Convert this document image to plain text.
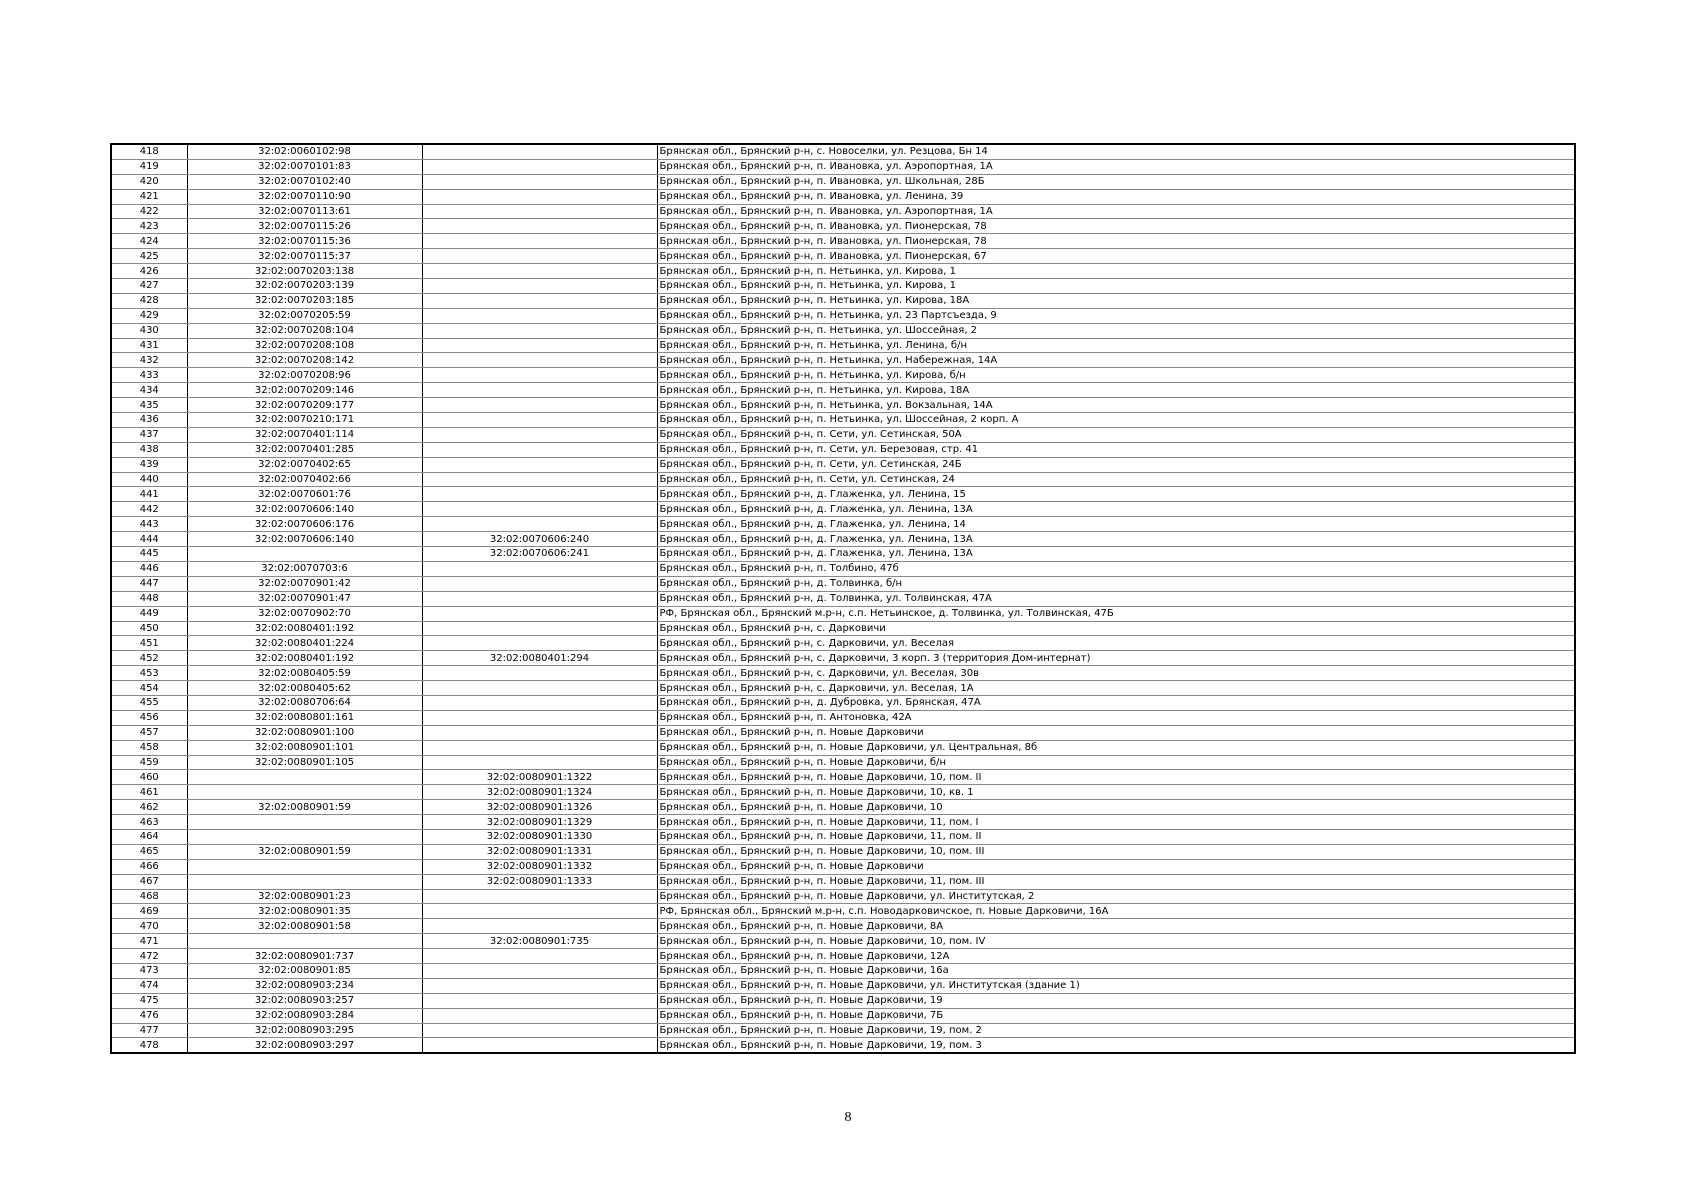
418	32:02:0060102:98		Брянская обл., Брянский р-н, с. Новоселки, ул. Резцова, Бн 14
419	32:02:0070101:83		Брянская обл., Брянский р-н, п. Ивановка, ул. Аэропортная, 1А
420	32:02:0070102:40		Брянская обл., Брянский р-н, п. Ивановка, ул. Школьная, 28Б
421	32:02:0070110:90		Брянская обл., Брянский р-н, п. Ивановка, ул. Ленина, 39
422	32:02:0070113:61		Брянская обл., Брянский р-н, п. Ивановка, ул. Аэропортная, 1А
423	32:02:0070115:26		Брянская обл., Брянский р-н, п. Ивановка, ул. Пионерская, 78
424	32:02:0070115:36		Брянская обл., Брянский р-н, п. Ивановка, ул. Пионерская, 78
425	32:02:0070115:37		Брянская обл., Брянский р-н, п. Ивановка, ул. Пионерская, 67
426	32:02:0070203:138		Брянская обл., Брянский р-н, п. Нетьинка, ул. Кирова, 1
427	32:02:0070203:139		Брянская обл., Брянский р-н, п. Нетьинка, ул. Кирова, 1
428	32:02:0070203:185		Брянская обл., Брянский р-н, п. Нетьинка, ул. Кирова, 18А
429	32:02:0070205:59		Брянская обл., Брянский р-н, п. Нетьинка, ул. 23 Партсъезда, 9
430	32:02:0070208:104		Брянская обл., Брянский р-н, п. Нетьинка, ул. Шоссейная, 2
431	32:02:0070208:108		Брянская обл., Брянский р-н, п. Нетьинка, ул. Ленина, б/н
432	32:02:0070208:142		Брянская обл., Брянский р-н, п. Нетьинка, ул. Набережная, 14А
433	32:02:0070208:96		Брянская обл., Брянский р-н, п. Нетьинка, ул. Кирова, б/н
434	32:02:0070209:146		Брянская обл., Брянский р-н, п. Нетьинка, ул. Кирова, 18А
435	32:02:0070209:177		Брянская обл., Брянский р-н, п. Нетьинка, ул. Вокзальная, 14А
436	32:02:0070210:171		Брянская обл., Брянский р-н, п. Нетьинка, ул. Шоссейная, 2 корп. А
437	32:02:0070401:114		Брянская обл., Брянский р-н, п. Сети, ул. Сетинская, 50А
438	32:02:0070401:285		Брянская обл., Брянский р-н, п. Сети, ул. Березовая, стр. 41
439	32:02:0070402:65		Брянская обл., Брянский р-н, п. Сети, ул. Сетинская, 24Б
440	32:02:0070402:66		Брянская обл., Брянский р-н, п. Сети, ул. Сетинская, 24
441	32:02:0070601:76		Брянская обл., Брянский р-н, д. Глаженка, ул. Ленина, 15
442	32:02:0070606:140		Брянская обл., Брянский р-н, д. Глаженка, ул. Ленина, 13А
443	32:02:0070606:176		Брянская обл., Брянский р-н, д. Глаженка, ул. Ленина, 14
444	32:02:0070606:140	32:02:0070606:240	Брянская обл., Брянский р-н, д. Глаженка, ул. Ленина, 13А
445		32:02:0070606:241	Брянская обл., Брянский р-н, д. Глаженка, ул. Ленина, 13А
446	32:02:0070703:6		Брянская обл., Брянский р-н, п. Толбино, 47б
447	32:02:0070901:42		Брянская обл., Брянский р-н, д. Толвинка, б/н
448	32:02:0070901:47		Брянская обл., Брянский р-н, д. Толвинка, ул. Толвинская, 47А
449	32:02:0070902:70		РФ, Брянская обл., Брянский м.р-н, с.п. Нетьинское, д. Толвинка, ул. Толвинская, 47Б
450	32:02:0080401:192		Брянская обл., Брянский р-н, с. Дарковичи
451	32:02:0080401:224		Брянская обл., Брянский р-н, с. Дарковичи, ул. Веселая
452	32:02:0080401:192	32:02:0080401:294	Брянская обл., Брянский р-н, с. Дарковичи, 3 корп. 3 (территория Дом-интернат)
453	32:02:0080405:59		Брянская обл., Брянский р-н, с. Дарковичи, ул. Веселая, 30в
454	32:02:0080405:62		Брянская обл., Брянский р-н, с. Дарковичи, ул. Веселая, 1А
455	32:02:0080706:64		Брянская обл., Брянский р-н, д. Дубровка, ул. Брянская, 47А
456	32:02:0080801:161		Брянская обл., Брянский р-н, п. Антоновка, 42А
457	32:02:0080901:100		Брянская обл., Брянский р-н, п. Новые Дарковичи
458	32:02:0080901:101		Брянская обл., Брянский р-н, п. Новые Дарковичи, ул. Центральная, 8б
459	32:02:0080901:105		Брянская обл., Брянский р-н, п. Новые Дарковичи, б/н
460		32:02:0080901:1322	Брянская обл., Брянский р-н, п. Новые Дарковичи, 10, пом. II
461		32:02:0080901:1324	Брянская обл., Брянский р-н, п. Новые Дарковичи, 10, кв. 1
462	32:02:0080901:59	32:02:0080901:1326	Брянская обл., Брянский р-н, п. Новые Дарковичи, 10
463		32:02:0080901:1329	Брянская обл., Брянский р-н, п. Новые Дарковичи, 11, пом. I
464		32:02:0080901:1330	Брянская обл., Брянский р-н, п. Новые Дарковичи, 11, пом. II
465	32:02:0080901:59	32:02:0080901:1331	Брянская обл., Брянский р-н, п. Новые Дарковичи, 10, пом. III
466		32:02:0080901:1332	Брянская обл., Брянский р-н, п. Новые Дарковичи
467		32:02:0080901:1333	Брянская обл., Брянский р-н, п. Новые Дарковичи, 11, пом. III
468	32:02:0080901:23		Брянская обл., Брянский р-н, п. Новые Дарковичи, ул. Институтская, 2
469	32:02:0080901:35		РФ, Брянская обл., Брянский м.р-н, с.п. Новодарковичское, п. Новые Дарковичи, 16А
470	32:02:0080901:58		Брянская обл., Брянский р-н, п. Новые Дарковичи, 8А
471		32:02:0080901:735	Брянская обл., Брянский р-н, п. Новые Дарковичи, 10, пом. IV
472	32:02:0080901:737		Брянская обл., Брянский р-н, п. Новые Дарковичи, 12А
473	32:02:0080901:85		Брянская обл., Брянский р-н, п. Новые Дарковичи, 16а
474	32:02:0080903:234		Брянская обл., Брянский р-н, п. Новые Дарковичи, ул. Институтская (здание 1)
475	32:02:0080903:257		Брянская обл., Брянский р-н, п. Новые Дарковичи, 19
476	32:02:0080903:284		Брянская обл., Брянский р-н, п. Новые Дарковичи, 7Б
477	32:02:0080903:295		Брянская обл., Брянский р-н, п. Новые Дарковичи, 19, пом. 2
478	32:02:0080903:297		Брянская обл., Брянский р-н, п. Новые Дарковичи, 19, пом. 3
8
